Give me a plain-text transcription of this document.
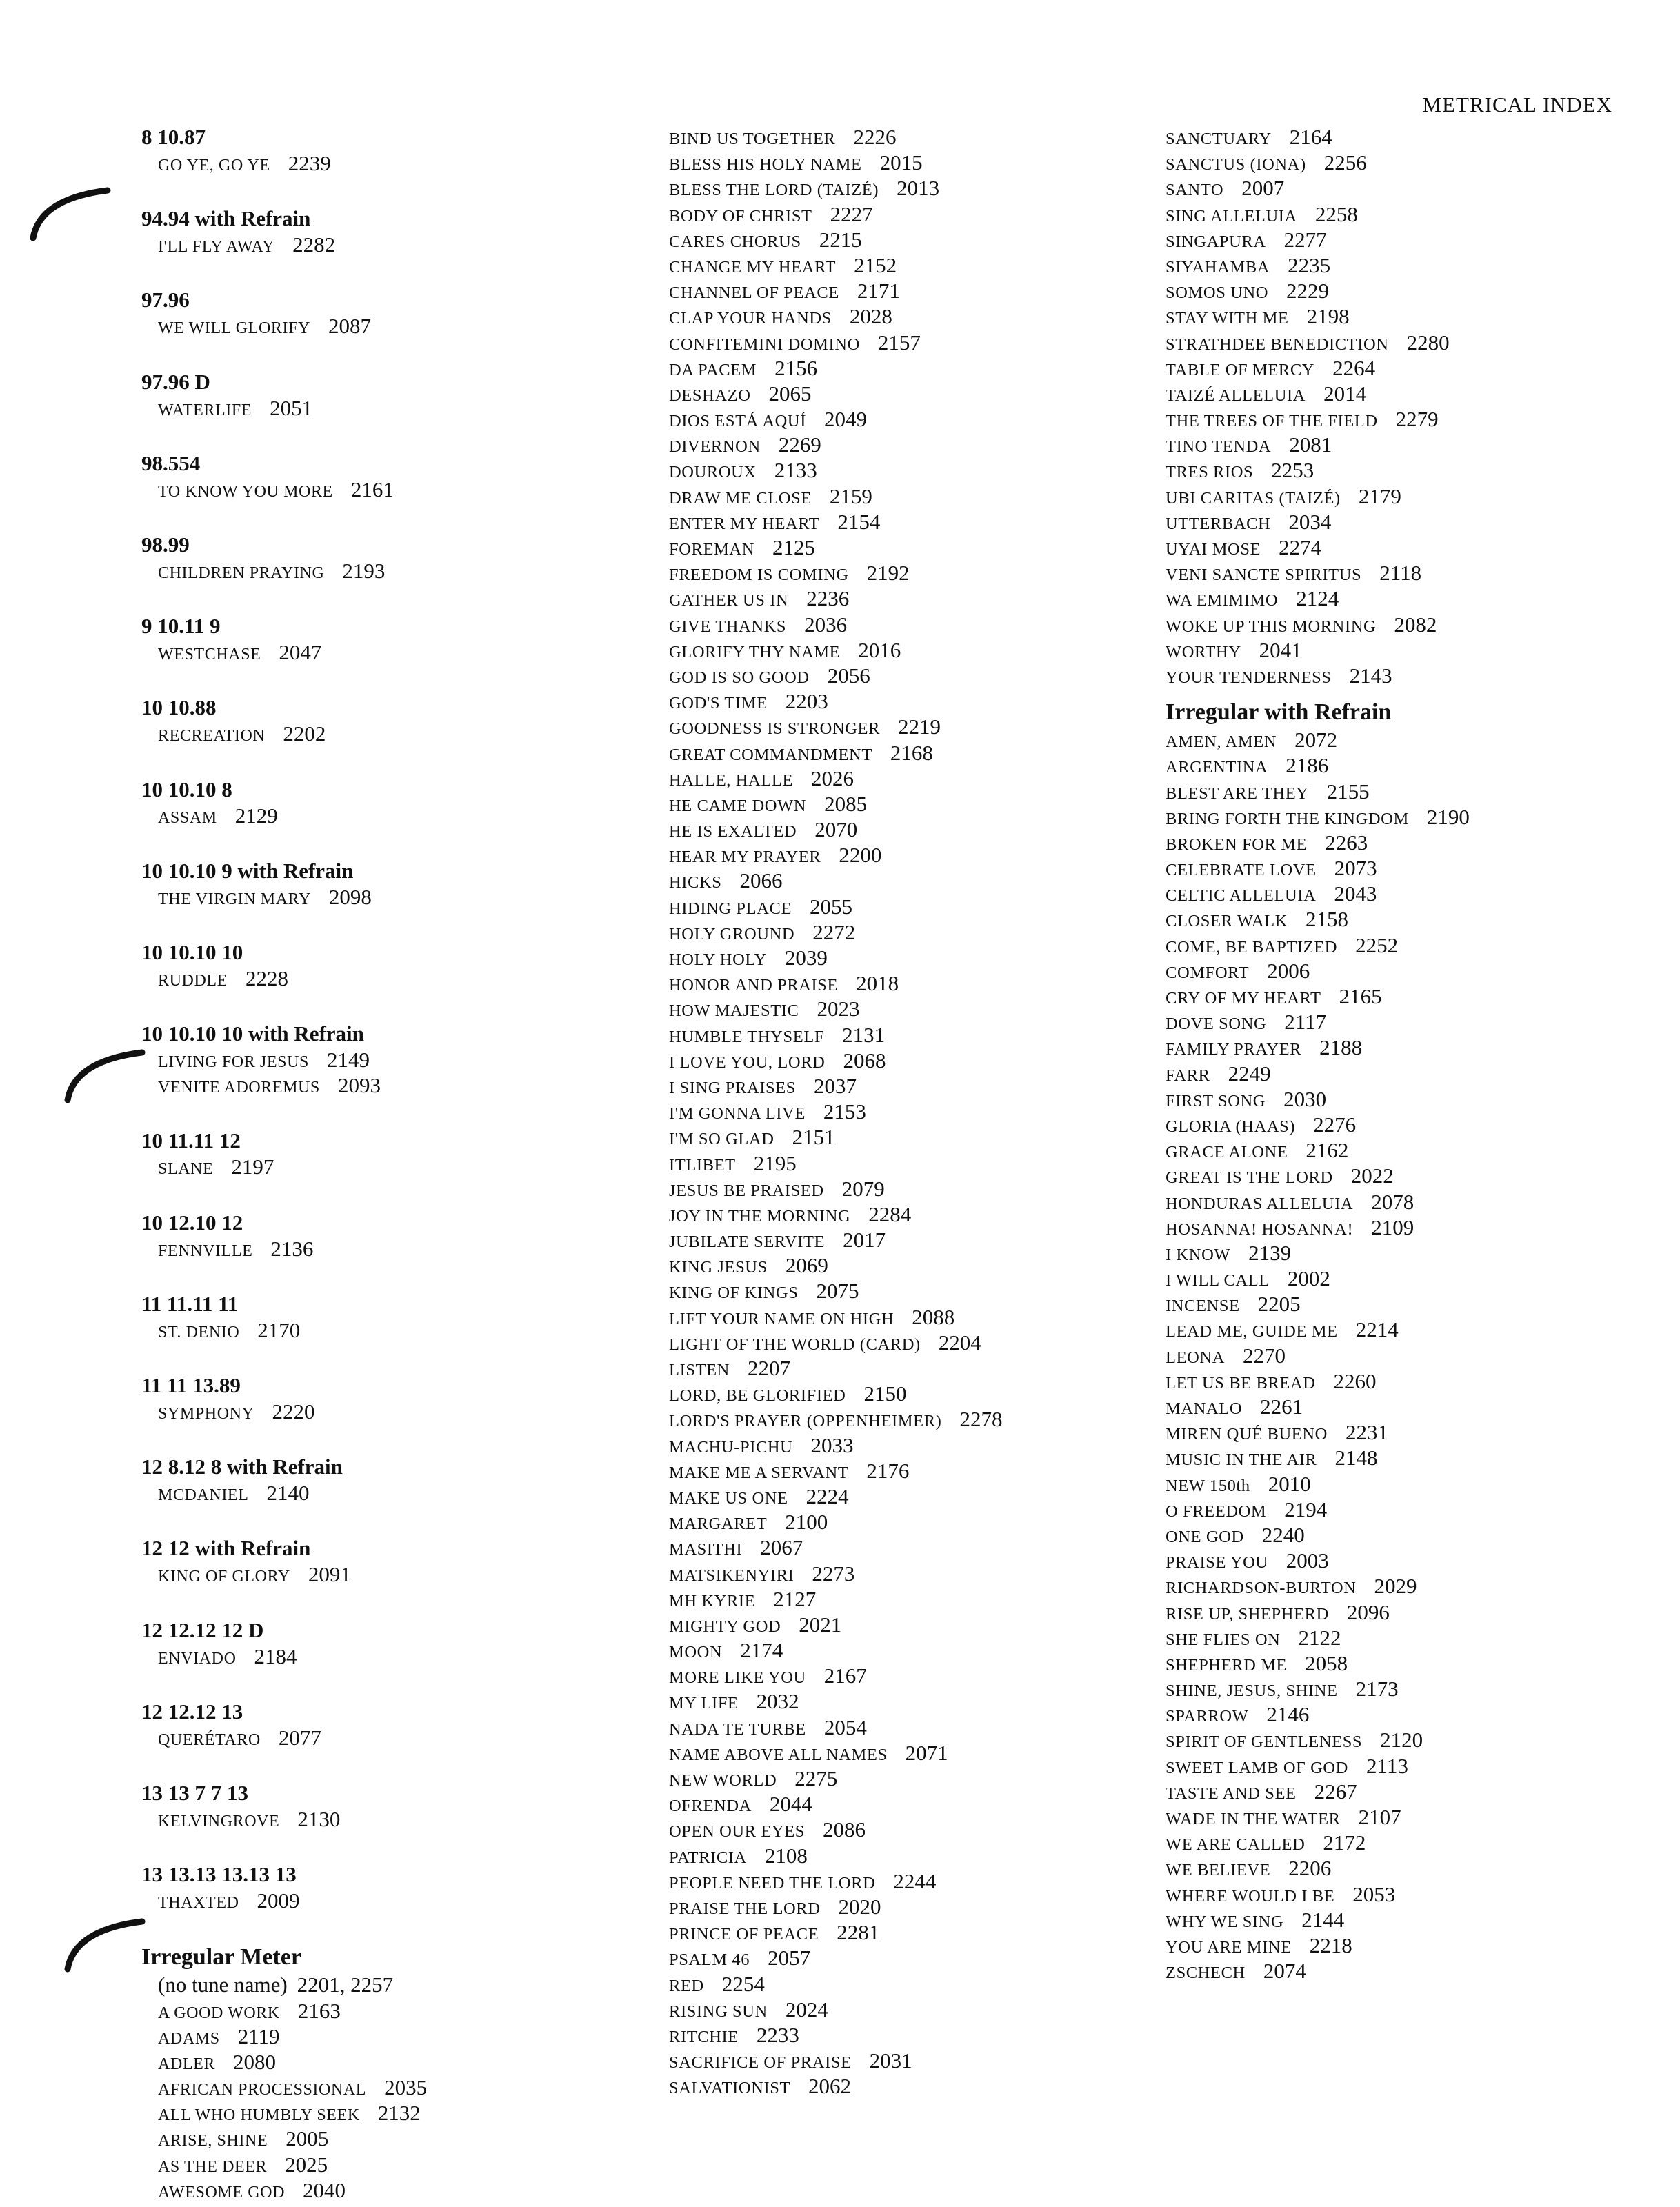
METRICAL INDEX
8 10.87
GO YE, GO YE 2239
94.94 with Refrain
I'LL FLY AWAY 2282
97.96
WE WILL GLORIFY 2087
97.96 D
WATERLIFE 2051
98.554
TO KNOW YOU MORE 2161
98.99
CHILDREN PRAYING 2193
9 10.11 9
WESTCHASE 2047
10 10.88
RECREATION 2202
10 10.10 8
ASSAM 2129
10 10.10 9 with Refrain
THE VIRGIN MARY 2098
10 10.10 10
RUDDLE 2228
10 10.10 10 with Refrain
LIVING FOR JESUS 2149
VENITE ADOREMUS 2093
10 11.11 12
SLANE 2197
10 12.10 12
FENNVILLE 2136
11 11.11 11
ST. DENIO 2170
11 11 13.89
SYMPHONY 2220
12 8.12 8 with Refrain
MCDANIEL 2140
12 12 with Refrain
KING OF GLORY 2091
12 12.12 12 D
ENVIADO 2184
12 12.12 13
QUERÉTARO 2077
13 13 7 7 13
KELVINGROVE 2130
13 13.13 13.13 13
THAXTED 2009
Irregular Meter
(no tune name) 2201, 2257
A GOOD WORK 2163
ADAMS 2119
ADLER 2080
AFRICAN PROCESSIONAL 2035
ALL WHO HUMBLY SEEK 2132
ARISE, SHINE 2005
AS THE DEER 2025
AWESOME GOD 2040
BIND US TOGETHER 2226
BLESS HIS HOLY NAME 2015
BLESS THE LORD (TAIZÉ) 2013
BODY OF CHRIST 2227
CARES CHORUS 2215
CHANGE MY HEART 2152
CHANNEL OF PEACE 2171
CLAP YOUR HANDS 2028
CONFITEMINI DOMINO 2157
DA PACEM 2156
DESHAZO 2065
DIOS ESTÁ AQUÍ 2049
DIVERNON 2269
DOUROUX 2133
DRAW ME CLOSE 2159
ENTER MY HEART 2154
FOREMAN 2125
FREEDOM IS COMING 2192
GATHER US IN 2236
GIVE THANKS 2036
GLORIFY THY NAME 2016
GOD IS SO GOOD 2056
GOD'S TIME 2203
GOODNESS IS STRONGER 2219
GREAT COMMANDMENT 2168
HALLE, HALLE 2026
HE CAME DOWN 2085
HE IS EXALTED 2070
HEAR MY PRAYER 2200
HICKS 2066
HIDING PLACE 2055
HOLY GROUND 2272
HOLY HOLY 2039
HONOR AND PRAISE 2018
HOW MAJESTIC 2023
HUMBLE THYSELF 2131
I LOVE YOU, LORD 2068
I SING PRAISES 2037
I'M GONNA LIVE 2153
I'M SO GLAD 2151
ITLIBET 2195
JESUS BE PRAISED 2079
JOY IN THE MORNING 2284
JUBILATE SERVITE 2017
KING JESUS 2069
KING OF KINGS 2075
LIFT YOUR NAME ON HIGH 2088
LIGHT OF THE WORLD (CARD) 2204
LISTEN 2207
LORD, BE GLORIFIED 2150
LORD'S PRAYER (OPPENHEIMER) 2278
MACHU-PICHU 2033
MAKE ME A SERVANT 2176
MAKE US ONE 2224
MARGARET 2100
MASITHI 2067
MATSIKENYIRI 2273
MH KYRIE 2127
MIGHTY GOD 2021
MOON 2174
MORE LIKE YOU 2167
MY LIFE 2032
NADA TE TURBE 2054
NAME ABOVE ALL NAMES 2071
NEW WORLD 2275
OFRENDA 2044
OPEN OUR EYES 2086
PATRICIA 2108
PEOPLE NEED THE LORD 2244
PRAISE THE LORD 2020
PRINCE OF PEACE 2281
PSALM 46 2057
RED 2254
RISING SUN 2024
RITCHIE 2233
SACRIFICE OF PRAISE 2031
SALVATIONIST 2062
SANCTUARY 2164
SANCTUS (IONA) 2256
SANTO 2007
SING ALLELUIA 2258
SINGAPURA 2277
SIYAHAMBA 2235
SOMOS UNO 2229
STAY WITH ME 2198
STRATHDEE BENEDICTION 2280
TABLE OF MERCY 2264
TAIZÉ ALLELUIA 2014
THE TREES OF THE FIELD 2279
TINO TENDA 2081
TRES RIOS 2253
UBI CARITAS (TAIZÉ) 2179
UTTERBACH 2034
UYAI MOSE 2274
VENI SANCTE SPIRITUS 2118
WA EMIMIMO 2124
WOKE UP THIS MORNING 2082
WORTHY 2041
YOUR TENDERNESS 2143
Irregular with Refrain
AMEN, AMEN 2072
ARGENTINA 2186
BLEST ARE THEY 2155
BRING FORTH THE KINGDOM 2190
BROKEN FOR ME 2263
CELEBRATE LOVE 2073
CELTIC ALLELUIA 2043
CLOSER WALK 2158
COME, BE BAPTIZED 2252
COMFORT 2006
CRY OF MY HEART 2165
DOVE SONG 2117
FAMILY PRAYER 2188
FARR 2249
FIRST SONG 2030
GLORIA (HAAS) 2276
GRACE ALONE 2162
GREAT IS THE LORD 2022
HONDURAS ALLELUIA 2078
HOSANNA! HOSANNA! 2109
I KNOW 2139
I WILL CALL 2002
INCENSE 2205
LEAD ME, GUIDE ME 2214
LEONA 2270
LET US BE BREAD 2260
MANALO 2261
MIREN QUÉ BUENO 2231
MUSIC IN THE AIR 2148
NEW 150th 2010
O FREEDOM 2194
ONE GOD 2240
PRAISE YOU 2003
RICHARDSON-BURTON 2029
RISE UP, SHEPHERD 2096
SHE FLIES ON 2122
SHEPHERD ME 2058
SHINE, JESUS, SHINE 2173
SPARROW 2146
SPIRIT OF GENTLENESS 2120
SWEET LAMB OF GOD 2113
TASTE AND SEE 2267
WADE IN THE WATER 2107
WE ARE CALLED 2172
WE BELIEVE 2206
WHERE WOULD I BE 2053
WHY WE SING 2144
YOU ARE MINE 2218
ZSCHECH 2074
